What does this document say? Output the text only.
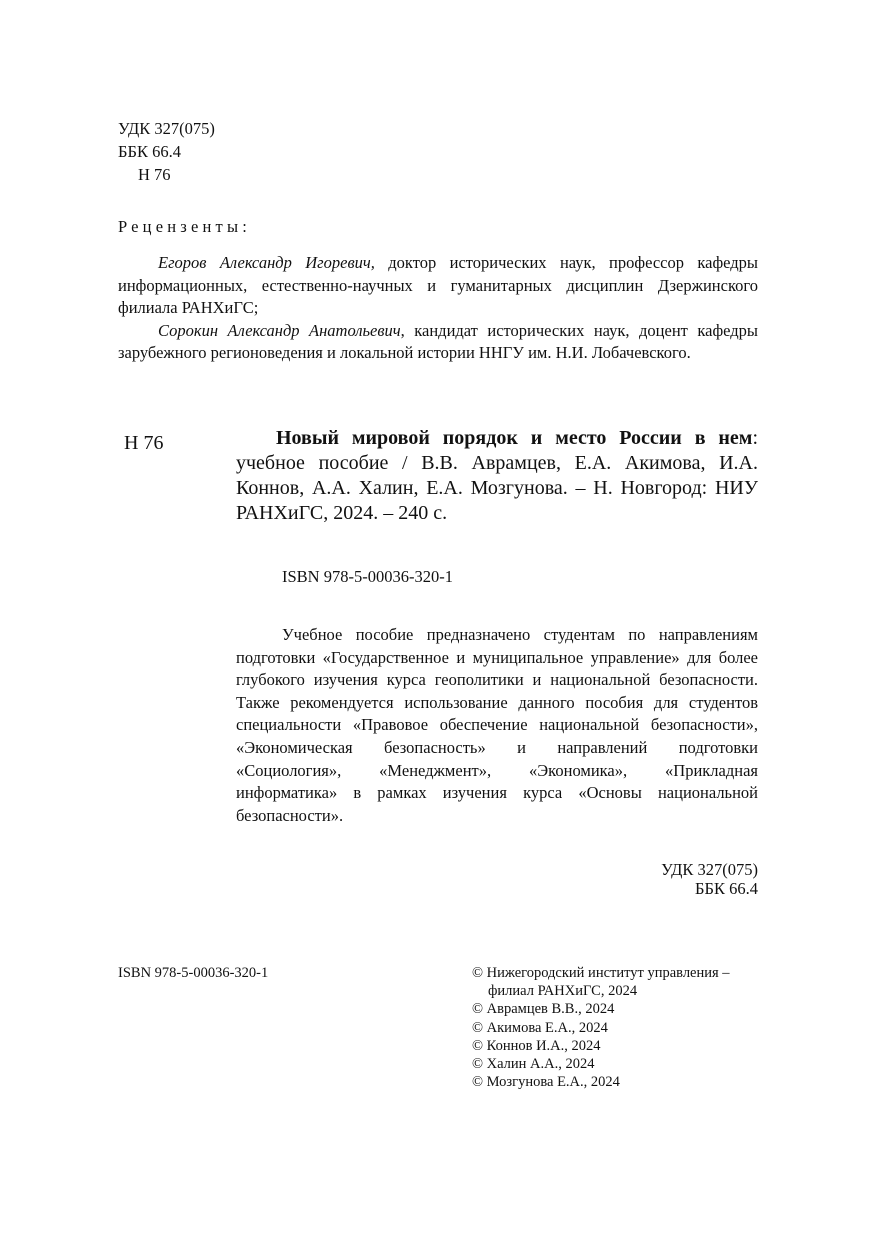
УДК 327(075)
ББК 66.4
Н 76
Рецензенты:

Егоров Александр Игоревич, доктор исторических наук, профессор кафедры информационных, естественно-научных и гуманитарных дисциплин Дзержинского филиала РАНХиГС;

Сорокин Александр Анатольевич, кандидат исторических наук, доцент кафедры зарубежного регионоведения и локальной истории ННГУ им. Н.И. Лобачевского.

Н 76	Новый мировой порядок и место России в нем: учебное пособие / В.В. Аврамцев, Е.А. Акимова, И.А. Коннов, А.А. Халин, Е.А. Мозгунова. – Н. Новгород: НИУ РАНХиГС, 2024. – 240 с.

ISBN 978-5-00036-320-1

Учебное пособие предназначено студентам по направлениям подготовки «Государственное и муниципальное управление» для более глубокого изучения курса геополитики и национальной безопасности. Также рекомендуется использование данного пособия для студентов специальности «Правовое обеспечение национальной безопасности», «Экономическая безопасность» и направлений подготовки «Социология», «Менеджмент», «Экономика», «Прикладная информатика» в рамках изучения курса «Основы национальной безопасности».

УДК 327(075)
ББК 66.4
ISBN 978-5-00036-320-1	© Нижегородский институт управления –
филиал РАНХиГС, 2024
© Аврамцев В.В., 2024
© Акимова Е.А., 2024
© Коннов И.А., 2024
© Халин А.А., 2024
© Мозгунова Е.А., 2024
